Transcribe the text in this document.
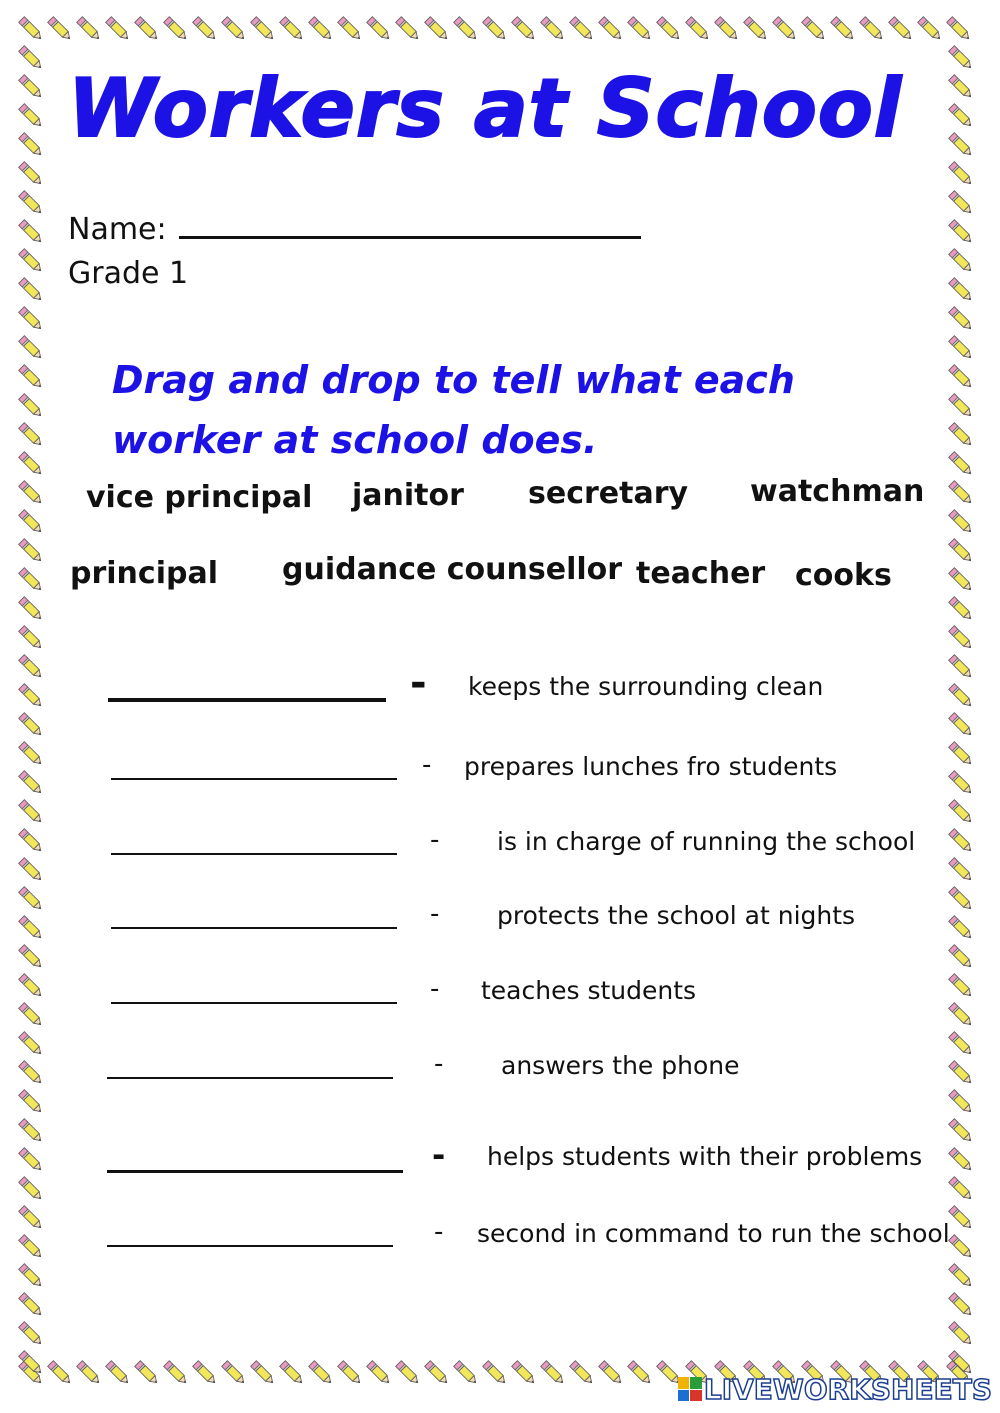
Workers at School
Name:
Grade 1
Drag and drop to tell what each worker at school does.
vice principal janitor secretary watchman
principal guidance counsellor teacher cooks
- keeps the surrounding clean
- prepares lunches fro students
- is in charge of running the school
- protects the school at nights
- teaches students
- answers the phone
- helps students with their problems
- second in command to run the school
LIVEWORKSHEETS
